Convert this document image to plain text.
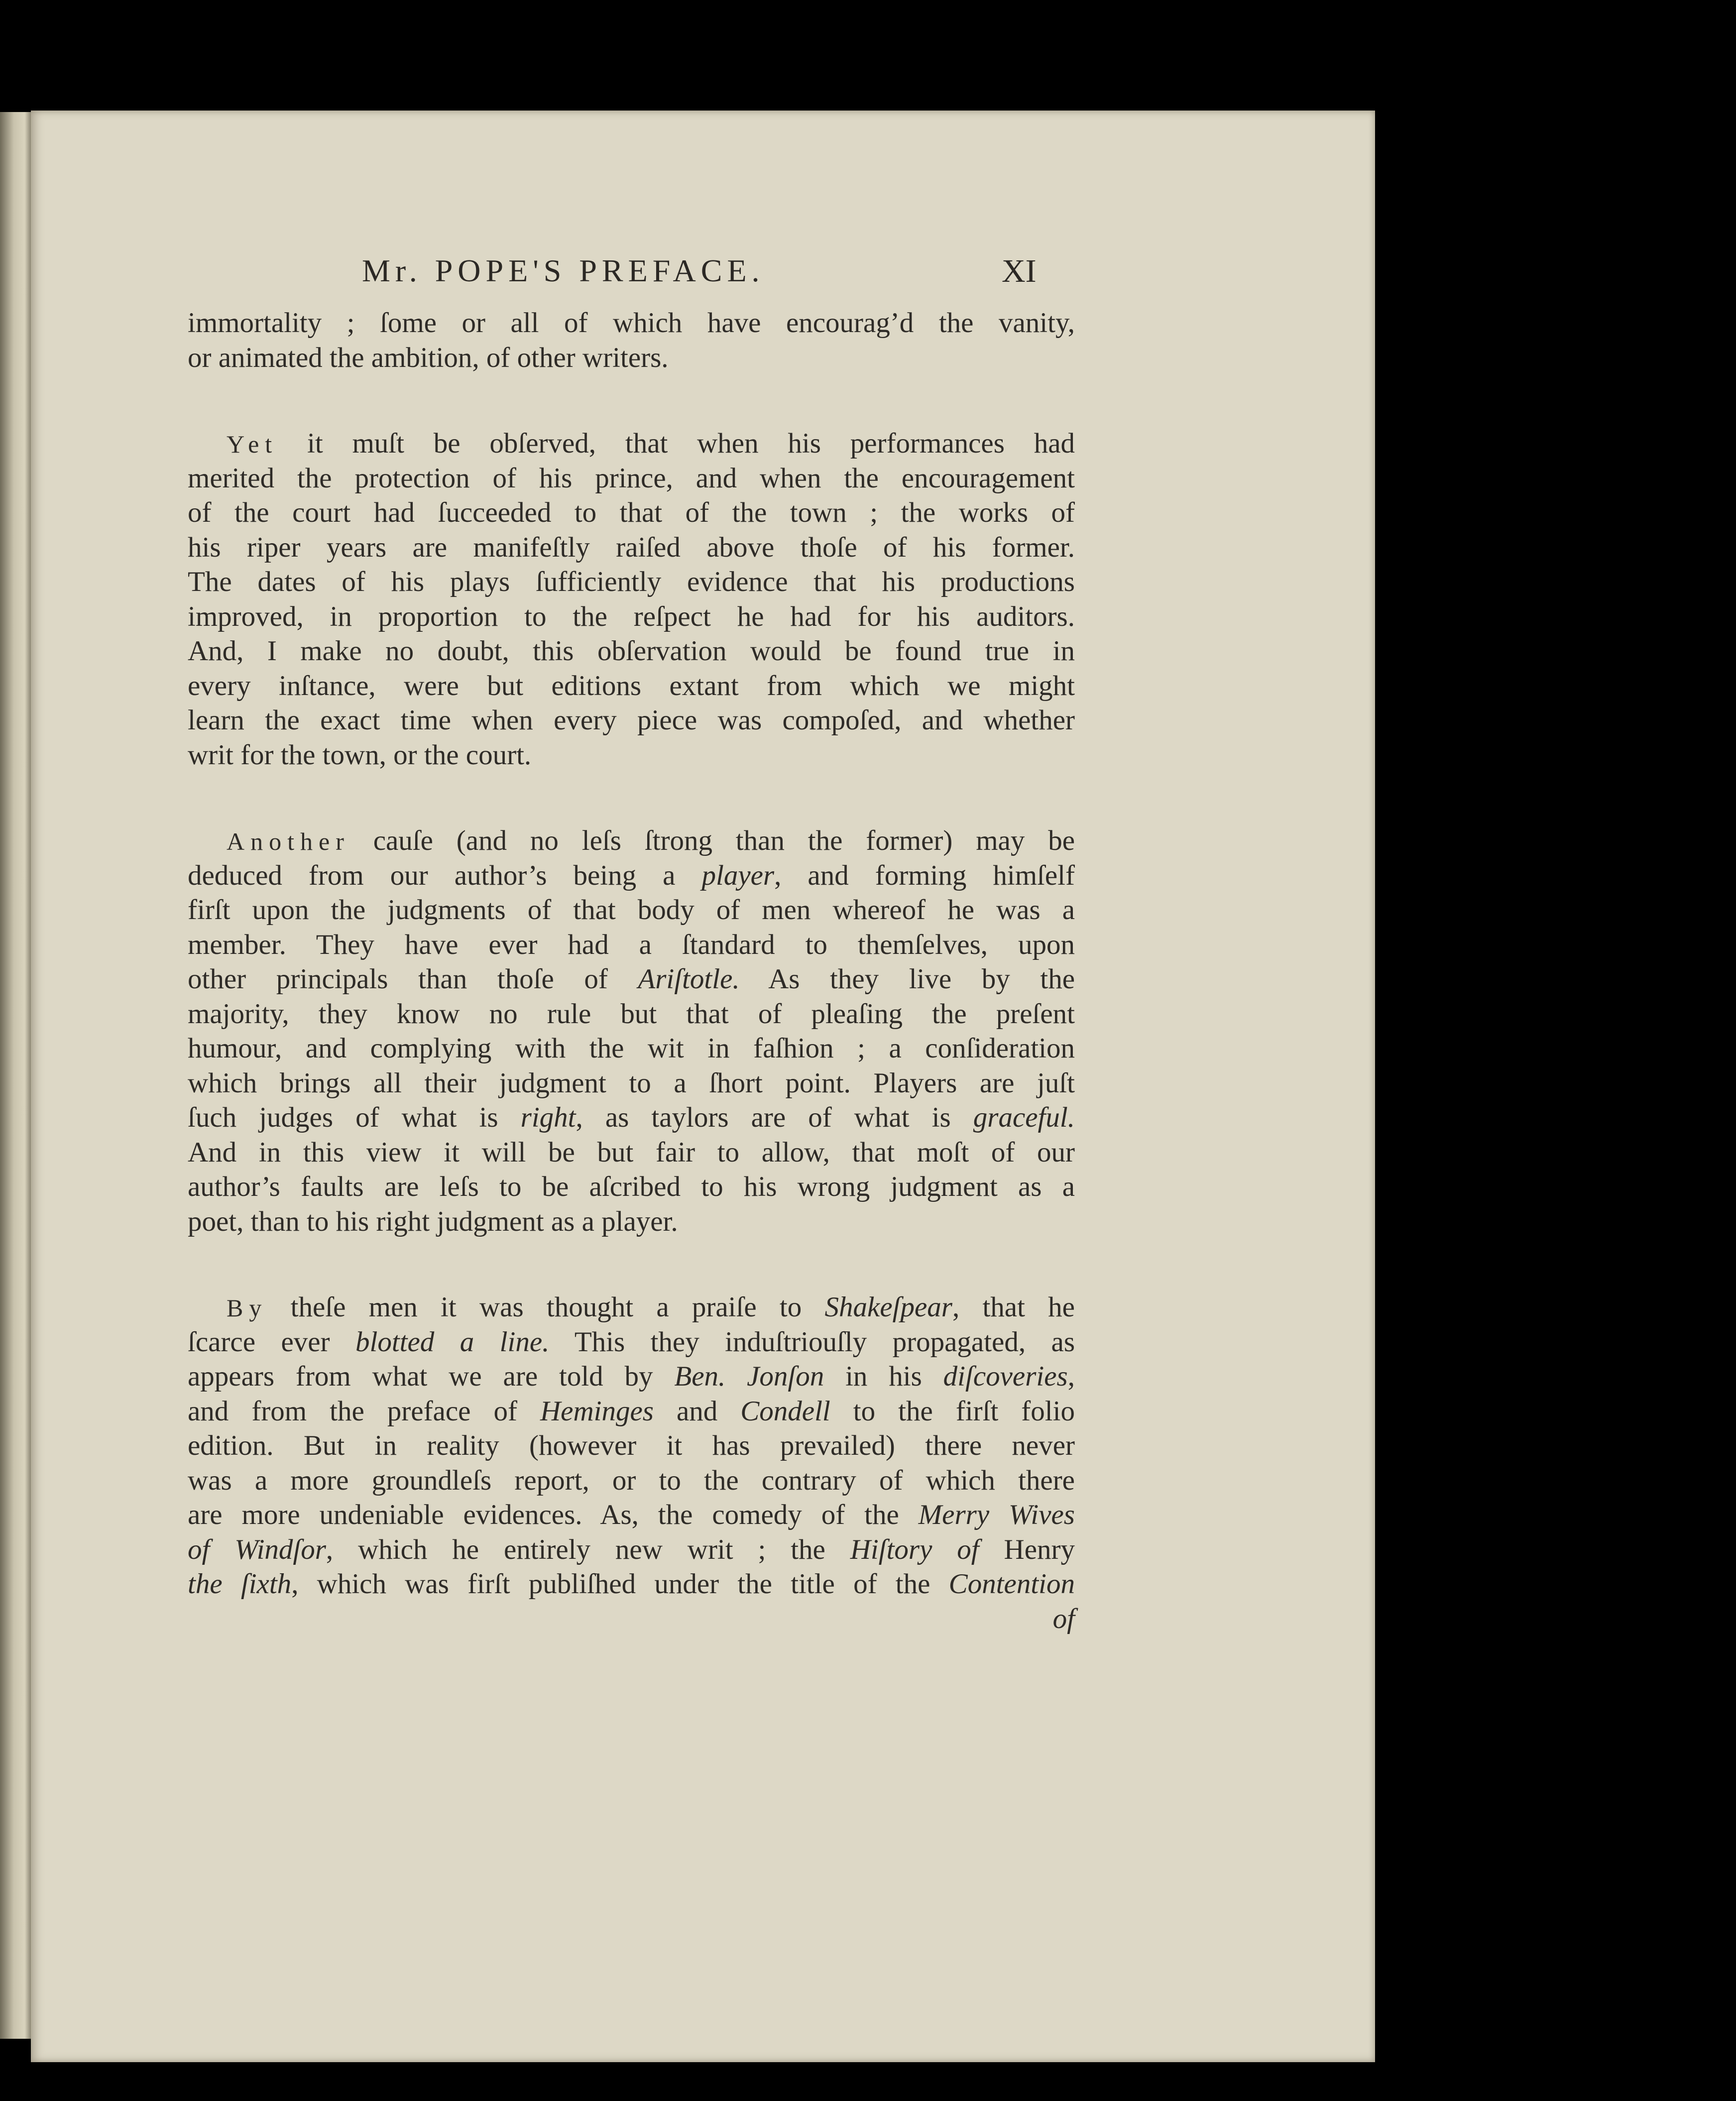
Mr. POPE'S PREFACE.	XI
immortality ; ſome or all of which have encourag’d the vanity,
or animated the ambition, of other writers.
Yet it muſt be obſerved, that when his performances had
merited the protection of his prince, and when the encouragement
of the court had ſucceeded to that of the town ; the works of
his riper years are manifeſtly raiſed above thoſe of his former.
The dates of his plays ſufficiently evidence that his productions
improved, in proportion to the reſpect he had for his auditors.
And, I make no doubt, this obſervation would be found true in
every inſtance, were but editions extant from which we might
learn the exact time when every piece was compoſed, and whether
writ for the town, or the court.
Another cauſe (and no leſs ſtrong than the former) may be
deduced from our author’s being a player, and forming himſelf
firſt upon the judgments of that body of men whereof he was a
member. They have ever had a ſtandard to themſelves, upon
other principals than thoſe of Ariſtotle. As they live by the
majority, they know no rule but that of pleaſing the preſent
humour, and complying with the wit in faſhion ; a conſideration
which brings all their judgment to a ſhort point. Players are juſt
ſuch judges of what is right, as taylors are of what is graceful.
And in this view it will be but fair to allow, that moſt of our
author’s faults are leſs to be aſcribed to his wrong judgment as a
poet, than to his right judgment as a player.
By theſe men it was thought a praiſe to Shakeſpear, that he
ſcarce ever blotted a line. This they induſtriouſly propagated, as
appears from what we are told by Ben. Jonſon in his diſcoveries,
and from the preface of Heminges and Condell to the firſt folio
edition. But in reality (however it has prevailed) there never
was a more groundleſs report, or to the contrary of which there
are more undeniable evidences. As, the comedy of the Merry Wives
of Windſor, which he entirely new writ ; the Hiſtory of Henry
the ſixth, which was firſt publiſhed under the title of the Contention
of
